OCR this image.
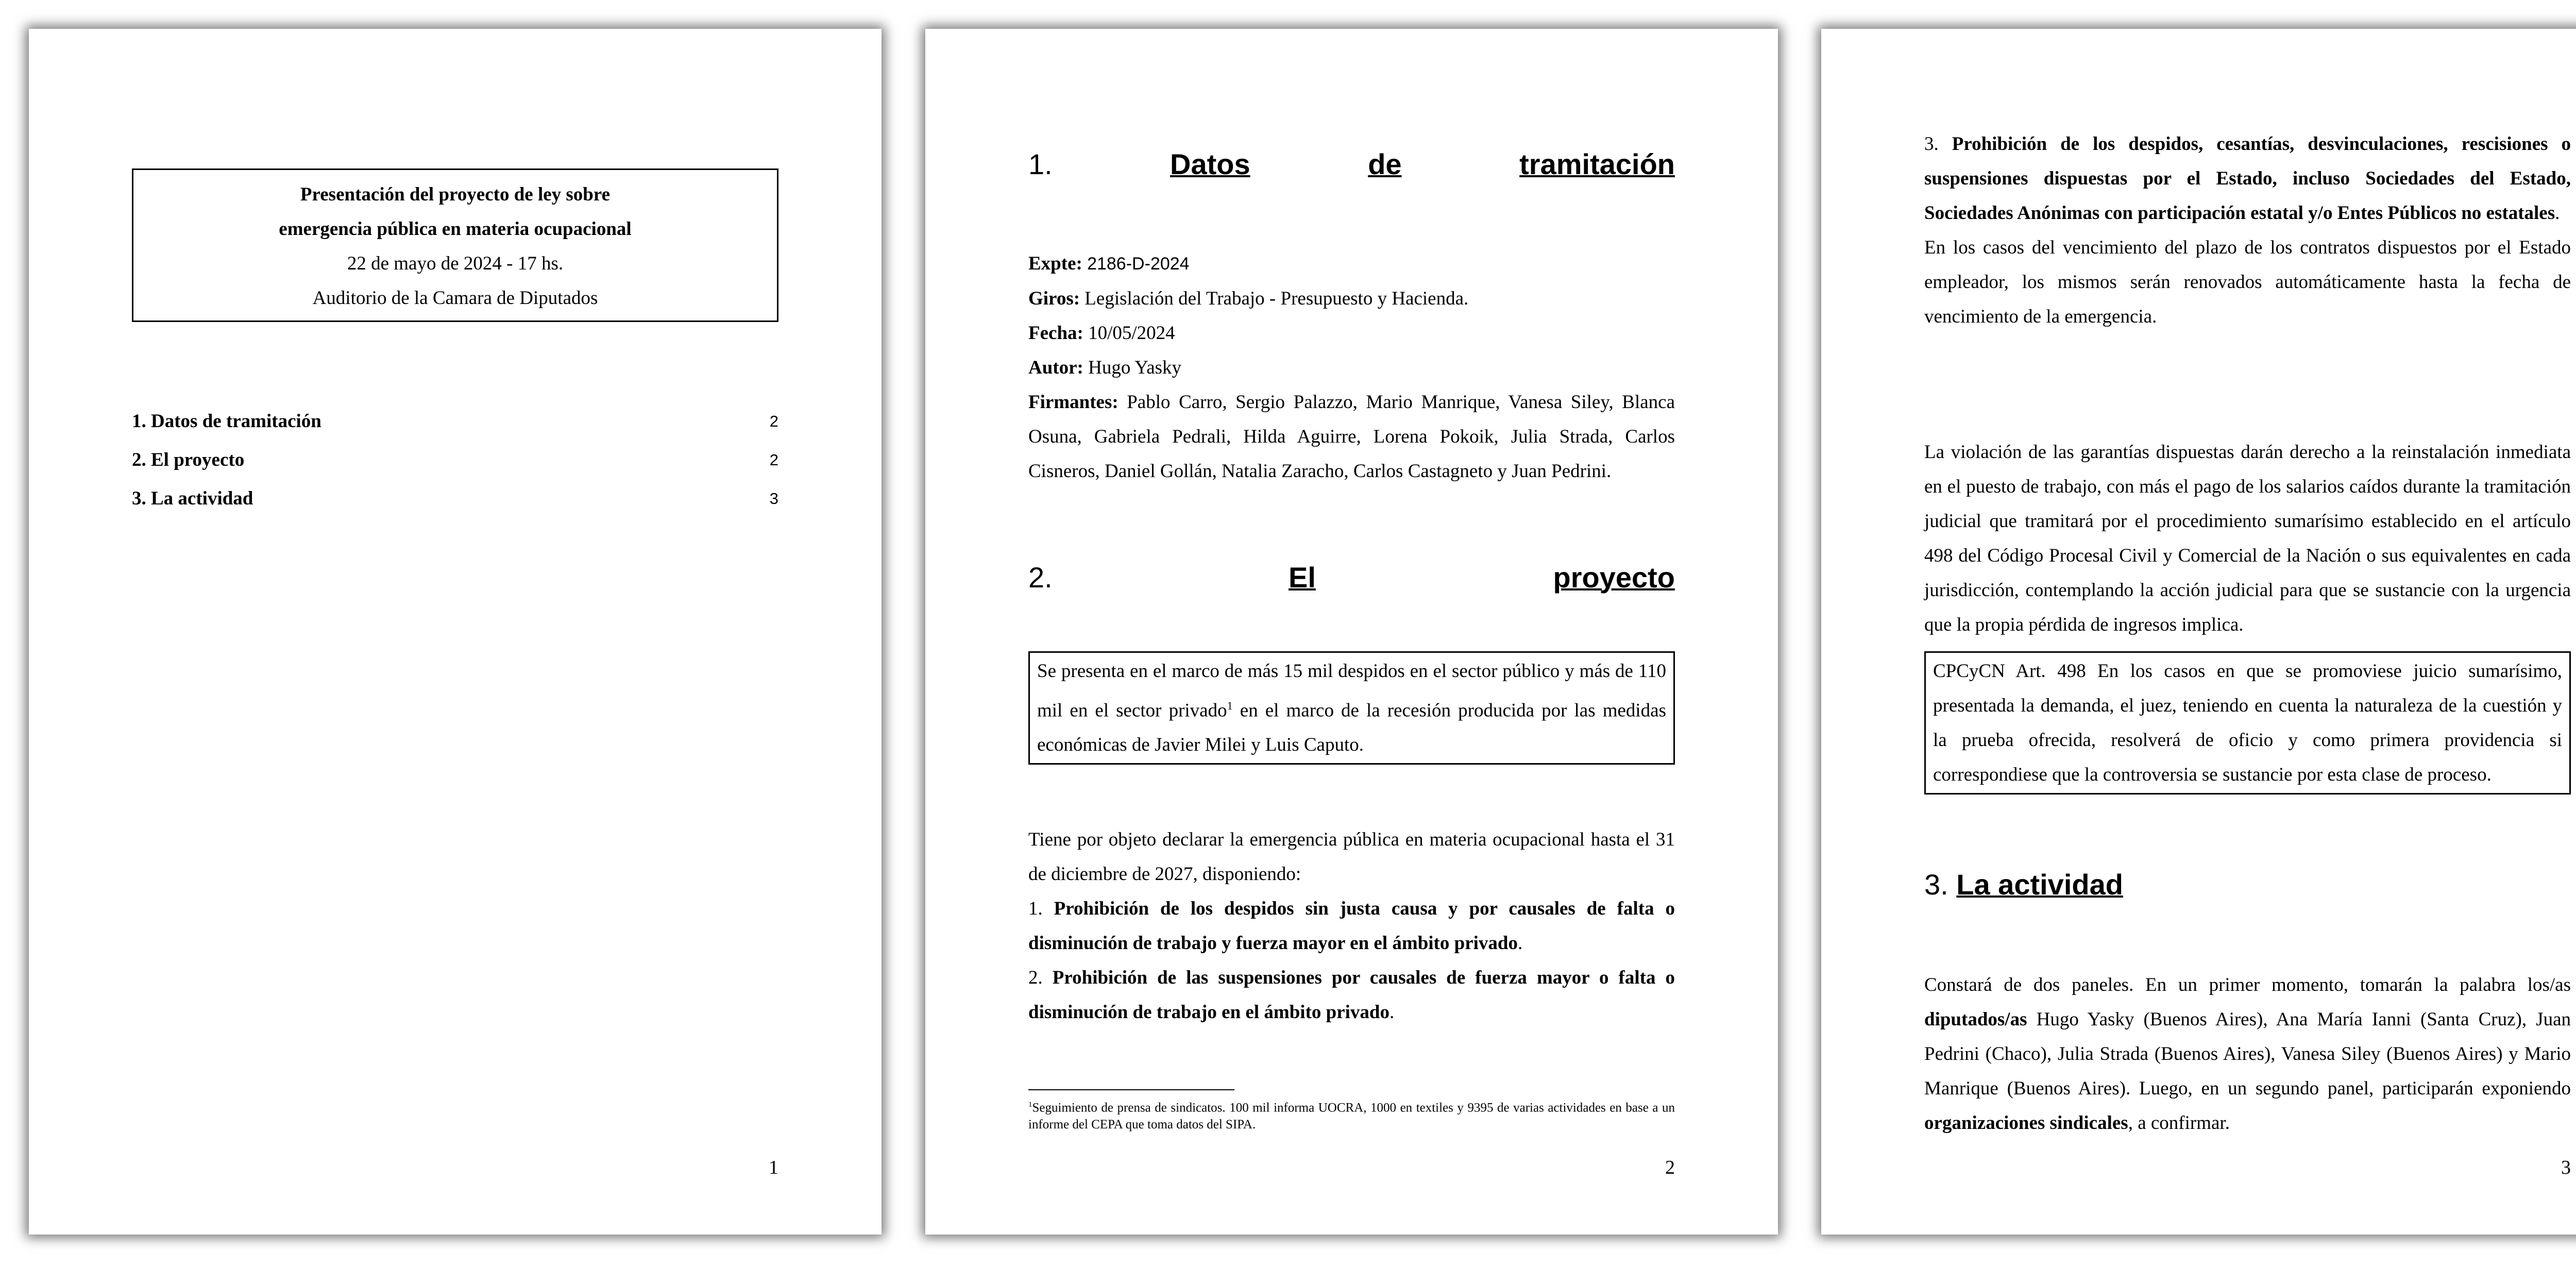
Presentación del proyecto de ley sobre
emergencia pública en materia ocupacional
22 de mayo de 2024 - 17 hs.
Auditorio de la Camara de Diputados
1. Datos de tramitación	2
2. El proyecto	2
3. La actividad	3
1
1.	Datos	de	tramitación
Expte: 2186-D-2024
Giros: Legislación del Trabajo - Presupuesto y Hacienda.
Fecha: 10/05/2024
Autor: Hugo Yasky
Firmantes: Pablo Carro, Sergio Palazzo, Mario Manrique, Vanesa Siley, Blanca Osuna, Gabriela Pedrali, Hilda Aguirre, Lorena Pokoik, Julia Strada, Carlos Cisneros, Daniel Gollán, Natalia Zaracho, Carlos Castagneto y Juan Pedrini.
2.	El	proyecto
Se presenta en el marco de más 15 mil despidos en el sector público y más de 110 mil en el sector privado$^1$ en el marco de la recesión producida por las medidas económicas de Javier Milei y Luis Caputo.
Tiene por objeto declarar la emergencia pública en materia ocupacional hasta el 31 de diciembre de 2027, disponiendo:
1. Prohibición de los despidos sin justa causa y por causales de falta o disminución de trabajo y fuerza mayor en el ámbito privado.
2. Prohibición de las suspensiones por causales de fuerza mayor o falta o disminución de trabajo en el ámbito privado.
$^1$Seguimiento de prensa de sindicatos. 100 mil informa UOCRA, 1000 en textiles y 9395 de varias actividades en base a un informe del CEPA que toma datos del SIPA.
2
3. Prohibición de los despidos, cesantías, desvinculaciones, rescisiones o suspensiones dispuestas por el Estado, incluso Sociedades del Estado, Sociedades Anónimas con participación estatal y/o Entes Públicos no estatales.
En los casos del vencimiento del plazo de los contratos dispuestos por el Estado empleador, los mismos serán renovados automáticamente hasta la fecha de vencimiento de la emergencia.
La violación de las garantías dispuestas darán derecho a la reinstalación inmediata en el puesto de trabajo, con más el pago de los salarios caídos durante la tramitación judicial que tramitará por el procedimiento sumarísimo establecido en el artículo 498 del Código Procesal Civil y Comercial de la Nación o sus equivalentes en cada jurisdicción, contemplando la acción judicial para que se sustancie con la urgencia que la propia pérdida de ingresos implica.
CPCyCN Art. 498 En los casos en que se promoviese juicio sumarísimo, presentada la demanda, el juez, teniendo en cuenta la naturaleza de la cuestión y la prueba ofrecida, resolverá de oficio y como primera providencia si correspondiese que la controversia se sustancie por esta clase de proceso.
3. La actividad
Constará de dos paneles. En un primer momento, tomarán la palabra los/as diputados/as Hugo Yasky (Buenos Aires), Ana María Ianni (Santa Cruz), Juan Pedrini (Chaco), Julia Strada (Buenos Aires), Vanesa Siley (Buenos Aires) y Mario Manrique (Buenos Aires). Luego, en un segundo panel, participarán exponiendo organizaciones sindicales, a confirmar.
3
